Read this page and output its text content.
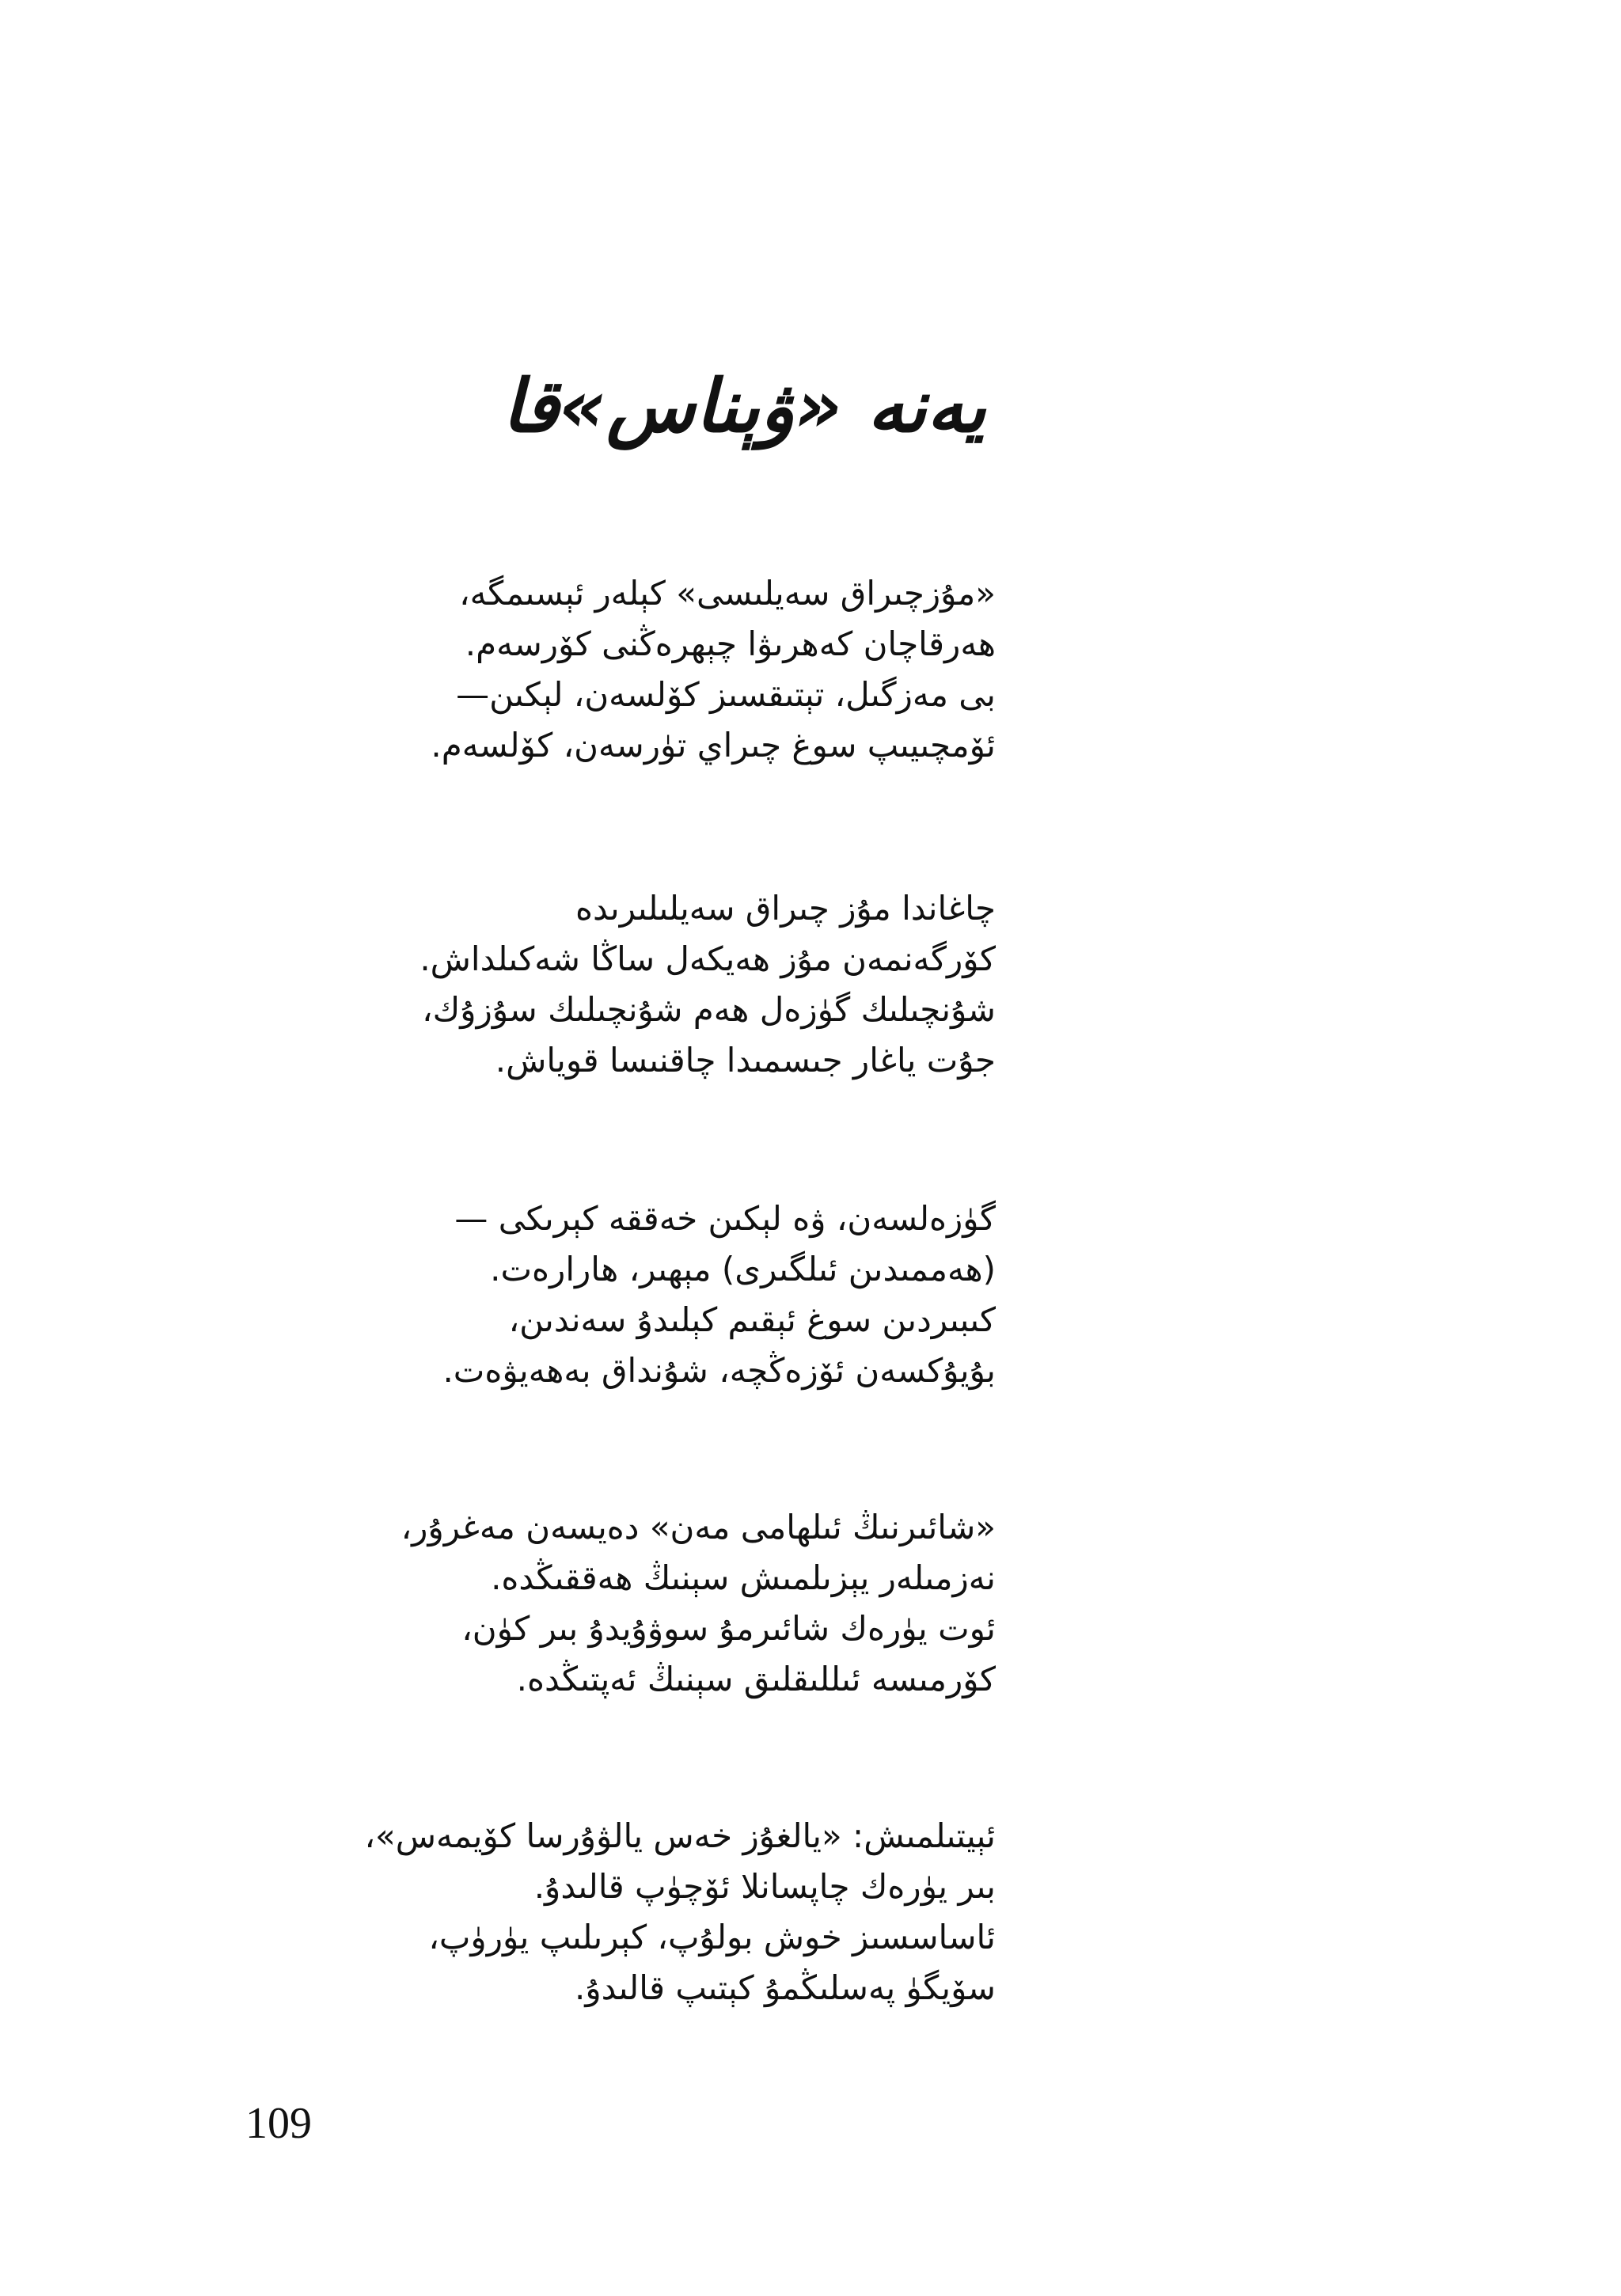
يەنە «ۋېناس»قا
«مۇزچىراق سەيلىسى» كېلەر ئېسىمگە،
ھەرقاچان كەھرىۋا چېھرەڭنى كۆرسەم.
بى مەزگىل، تېتىقسىز كۆلسەن، لېكىن—
ئۆمچىيىپ سوغ چىراي تۈرسەن، كۆلسەم.
چاغاندا مۇز چىراق سەيلىلىرىدە
كۆرگەنمەن مۇز ھەيكەل ساڭا شەكىلداش.
شۇنچىلىك گۈزەل ھەم شۇنچىلىك سۇزۇك،
جۇت ياغار جىسمىدا چاقنىسا قوياش.
گۈزەلسەن، ۋە لېكىن خەققە كېرىكى —
(ھەممىدىن ئىلگىرى) مېھىر، ھارارەت.
كىبىردىن سوغ ئېقىم كېلىدۇ سەندىن،
بۇيۇكسەن ئۆزەڭچە، شۇنداق بەھەيۋەت.
«شائىرنىڭ ئىلھامى مەن» دەيسەن مەغرۇر،
نەزمىلەر يېزىلمىش سېنىڭ ھەققىڭدە.
ئوت يۈرەك شائىرمۇ سوۋۇيدۇ بىر كۈن،
كۆرمىسە ئىللىقلىق سېنىڭ ئەپتىڭدە.
ئېيتىلمىش: «يالغۇز خەس يالۋۇرسا كۆيمەس»،
بىر يۈرەك چاپسانلا ئۆچۈپ قالىدۇ.
ئاساسسىز خوش بولۇپ، كېرىلىپ يۈرۈپ،
سۆيگۈ پەسلىڭمۇ كېتىپ قالىدۇ.
109
